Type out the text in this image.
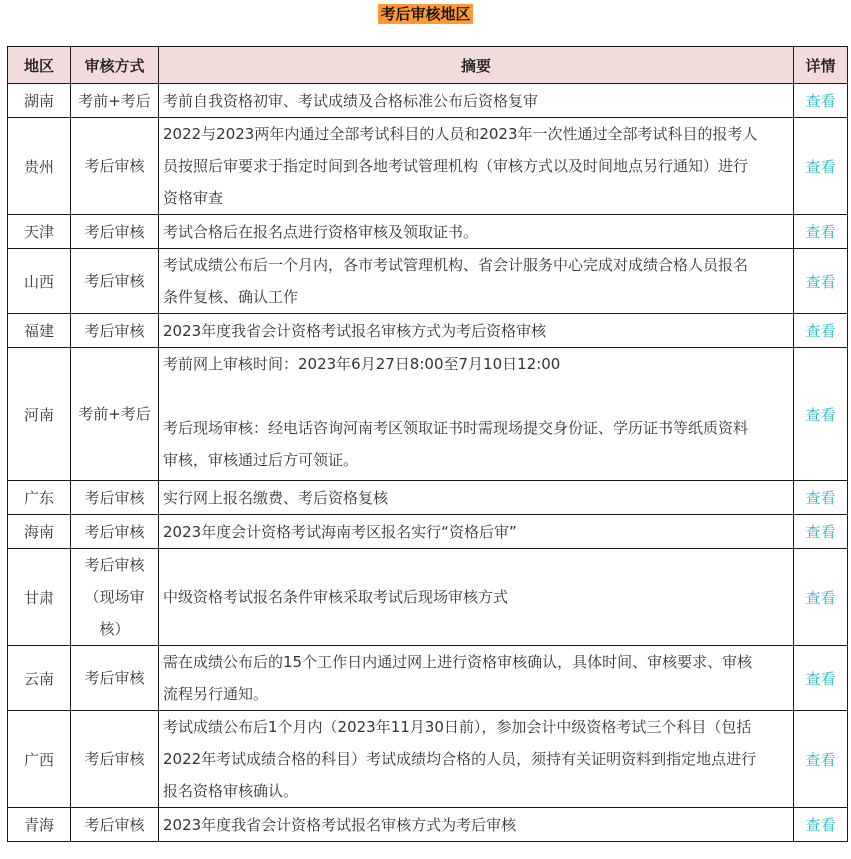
考后审核地区
地区	审核方式	摘要	详情
湖南	考前+考后	考前自我资格初审、考试成绩及合格标准公布后资格复审	查看
贵州	考后审核	2022与2023两年内通过全部考试科目的人员和2023年一次性通过全部考试科目的报考人

员按照后审要求于指定时间到各地考试管理机构（审核方式以及时间地点另行通知）进行

资格审查	查看
天津	考后审核	考试合格后在报名点进行资格审核及领取证书。	查看
山西	考后审核	考试成绩公布后一个月内，各市考试管理机构、省会计服务中心完成对成绩合格人员报名

条件复核、确认工作	查看
福建	考后审核	2023年度我省会计资格考试报名审核方式为考后资格审核	查看
河南	考前+考后	考前网上审核时间：2023年6月27日8:00至7月10日12:00

考后现场审核：经电话咨询河南考区领取证书时需现场提交身份证、学历证书等纸质资料

审核，审核通过后方可领证。	查看
广东	考后审核	实行网上报名缴费、考后资格复核	查看
海南	考后审核	2023年度会计资格考试海南考区报名实行“资格后审”	查看
甘肃	考后审核
（现场审
核）	中级资格考试报名条件审核采取考试后现场审核方式	查看
云南	考后审核	需在成绩公布后的15个工作日内通过网上进行资格审核确认，具体时间、审核要求、审核

流程另行通知。	查看
广西	考后审核	考试成绩公布后1个月内（2023年11月30日前），参加会计中级资格考试三个科目（包括

2022年考试成绩合格的科目）考试成绩均合格的人员，须持有关证明资料到指定地点进行

报名资格审核确认。	查看
青海	考后审核	2023年度我省会计资格考试报名审核方式为考后审核	查看
